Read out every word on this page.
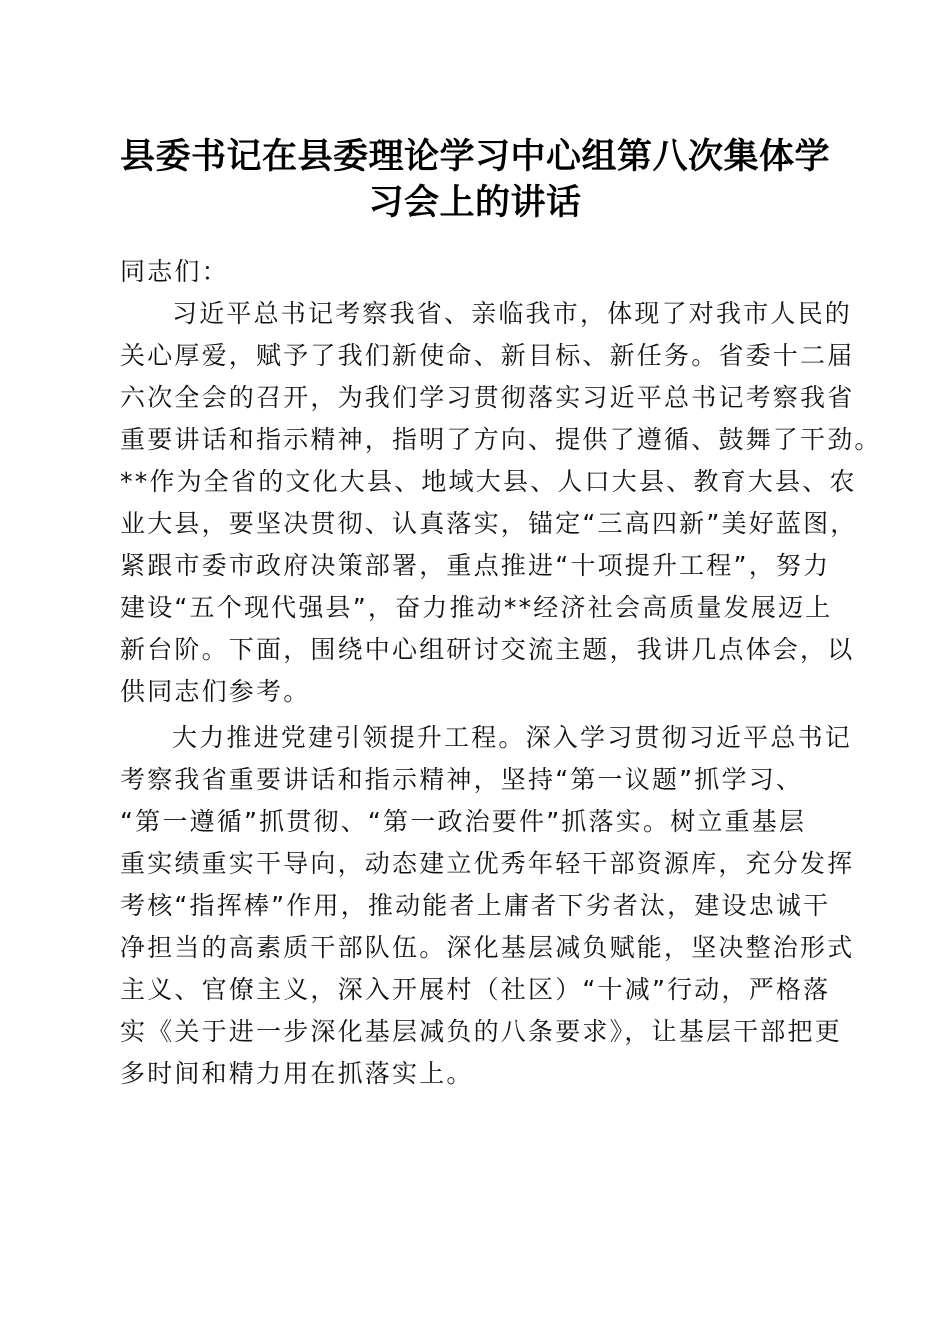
县委书记在县委理论学习中心组第八次集体学
习会上的讲话

同志们：

习近平总书记考察我省、亲临我市，体现了对我市人民的
关心厚爱，赋予了我们新使命、新目标、新任务。省委十二届
六次全会的召开，为我们学习贯彻落实习近平总书记考察我省
重要讲话和指示精神，指明了方向、提供了遵循、鼓舞了干劲。
**作为全省的文化大县、地域大县、人口大县、教育大县、农
业大县，要坚决贯彻、认真落实，锚定“三高四新”美好蓝图，
紧跟市委市政府决策部署，重点推进“十项提升工程”，努力
建设“五个现代强县”，奋力推动**经济社会高质量发展迈上
新台阶。下面，围绕中心组研讨交流主题，我讲几点体会，以
供同志们参考。
大力推进党建引领提升工程。深入学习贯彻习近平总书记
考察我省重要讲话和指示精神，坚持“第一议题”抓学习、
“第一遵循”抓贯彻、“第一政治要件”抓落实。树立重基层
重实绩重实干导向，动态建立优秀年轻干部资源库，充分发挥
考核“指挥棒”作用，推动能者上庸者下劣者汰，建设忠诚干
净担当的高素质干部队伍。深化基层减负赋能，坚决整治形式
主义、官僚主义，深入开展村（社区）“十减”行动，严格落
实《关于进一步深化基层减负的八条要求》，让基层干部把更
多时间和精力用在抓落实上。
